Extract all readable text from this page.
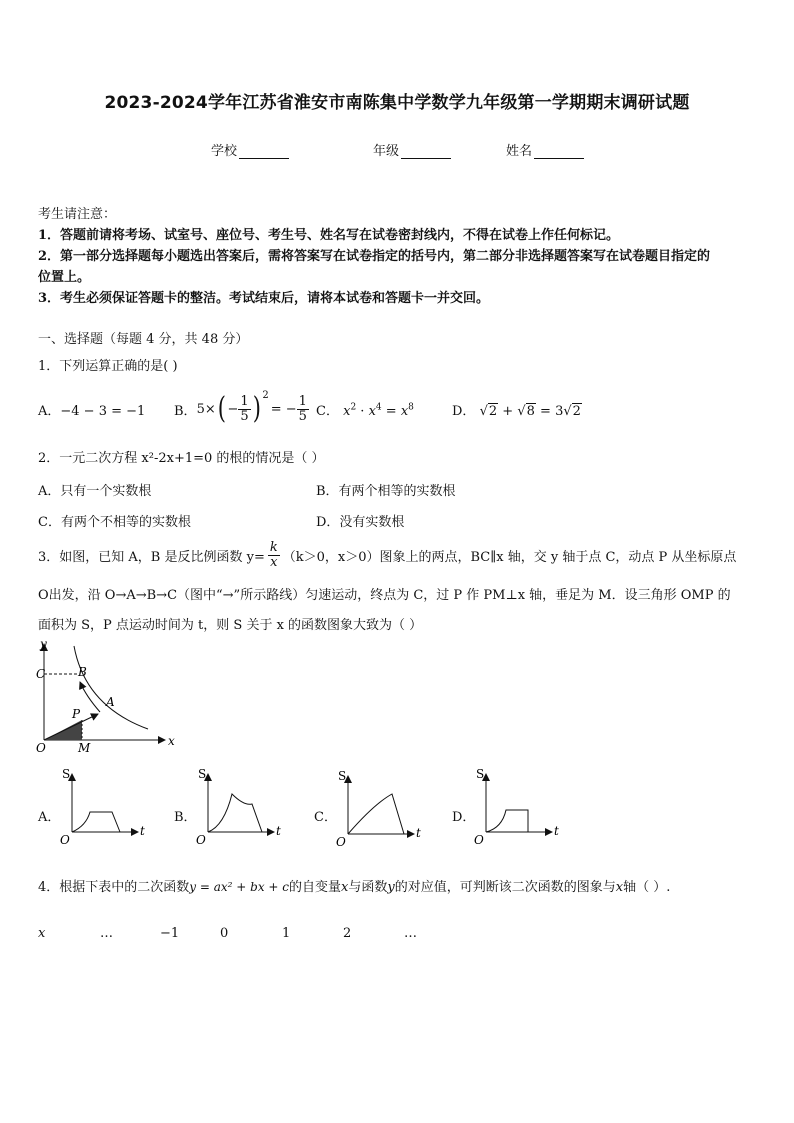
2023-2024学年江苏省淮安市南陈集中学数学九年级第一学期期末调研试题
学校	年级	姓名
考生请注意：
1．答题前请将考场、试室号、座位号、考生号、姓名写在试卷密封线内，不得在试卷上作任何标记。
2．第一部分选择题每小题选出答案后，需将答案写在试卷指定的括号内，第二部分非选择题答案写在试卷题目指定的
位置上。
3．考生必须保证答题卡的整洁。考试结束后，请将本试卷和答题卡一并交回。
一、选择题（每题 4 分，共 48 分）
1．下列运算正确的是( )
A．−4 − 3 = −1 B． 5× ( − $\frac{1}{5} )^2$
= − $\frac{1}{5}$ C． $x^2 \cdot x^4 = x^8$	D． √2 + √8 = 3√2
2．一元二次方程 x²-2x+1=0 的根的情况是（ ）
A．只有一个实数根	B．有两个相等的实数根
C．有两个不相等的实数根	D．没有实数根
3．如图，已知 A，B 是反比例函数 $y= \frac{k}{x} (k>0$，x＞0）图象上的两点，BC∥x 轴，交 y 轴于点 C，动点 P 从坐标原点
O出发，沿 O→A→B→C（图中“→”所示路线）匀速运动，终点为 C，过 P 作 PM⊥x 轴，垂足为 M．设三角形 OMP 的
面积为 S，P 点运动时间为 t，则 S 关于 x 的函数图象大致为（ ）
y
x
C	B
A
P
O	M
A．
S
t
O
B．
S
t
O
C．
S
t
O
D．
S
t
O
4．根据下表中的二次函数y = ax² + bx + c的自变量x与函数y的对应值，可判断该二次函数的图象与x轴（ ）.
x	…	−1	0	1	2	…
